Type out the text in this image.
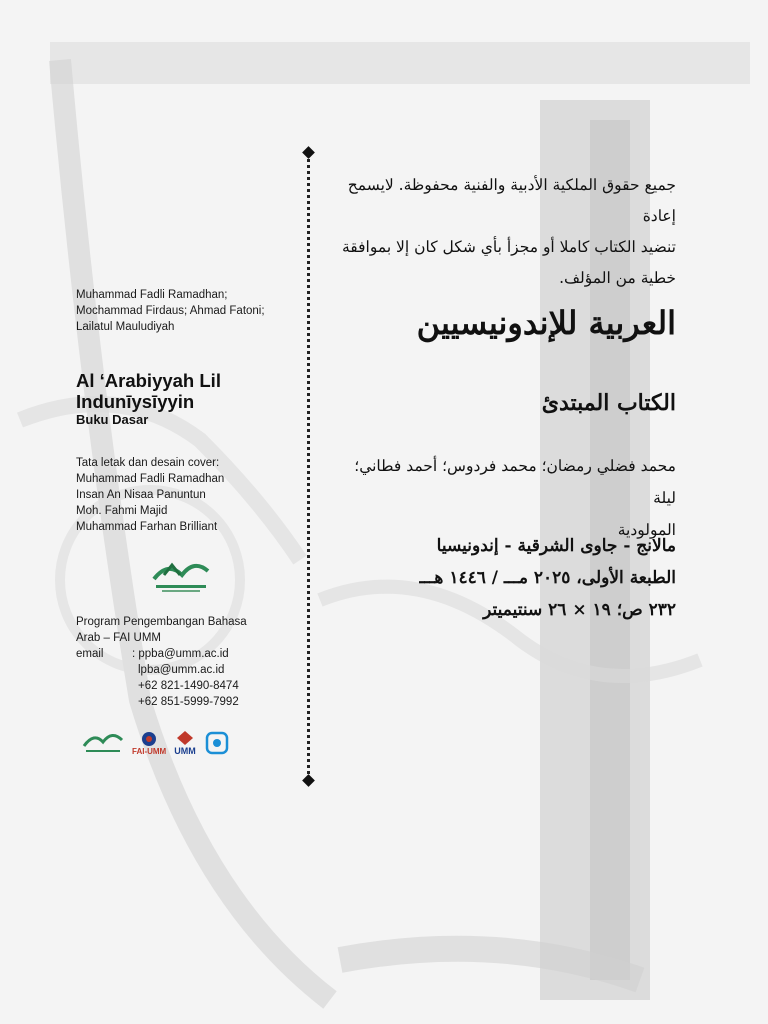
Muhammad Fadli Ramadhan;
Mochammad Firdaus; Ahmad Fatoni;
Lailatul Mauludiyah
Al ‘Arabiyyah Lil
Indunīysīyyin
Buku Dasar
Tata letak dan desain cover:
Muhammad Fadli Ramadhan
Insan An Nisaa Panuntun
Moh. Fahmi Majid
Muhammad Farhan Brilliant
Program Pengembangan Bahasa
Arab – FAI UMM
email	: ppba@umm.ac.id
lpba@umm.ac.id
+62 821-1490-8474
+62 851-5999-7992
FAI-UMM UMM
جميع حقوق الملكية الأدبية والفنية محفوظة. لايسمح إعادة
تنضيد الكتاب كاملا أو مجزأ بأي شكل كان إلا بموافقة
خطية من المؤلف.
العربية للإندونيسيين
الكتاب المبتدئ
محمد فضلي رمضان؛ محمد فردوس؛ أحمد فطاني؛ ليلة
المولودية
مالانج - جاوى الشرقية - إندونيسيا
الطبعة الأولى، ٢٠٢٥ مـــ / ١٤٤٦ هـــ
٢٣٢ ص؛ ١٩ × ٢٦ سنتيميتر
